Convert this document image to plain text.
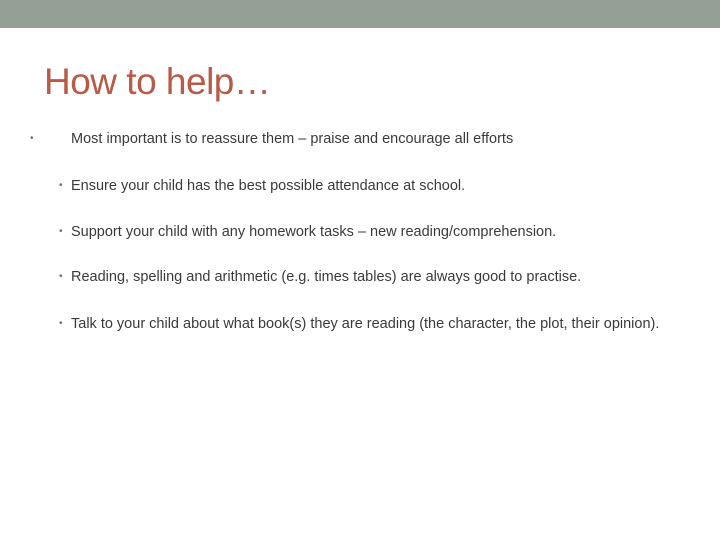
How to help…
•	Most important is to reassure them – praise and encourage all efforts
• Ensure your child has the best possible attendance at school.
• Support your child with any homework tasks – new reading/comprehension.
• Reading, spelling and arithmetic (e.g. times tables) are always good to practise.
• Talk to your child about what book(s) they are reading (the character, the plot, their opinion).
